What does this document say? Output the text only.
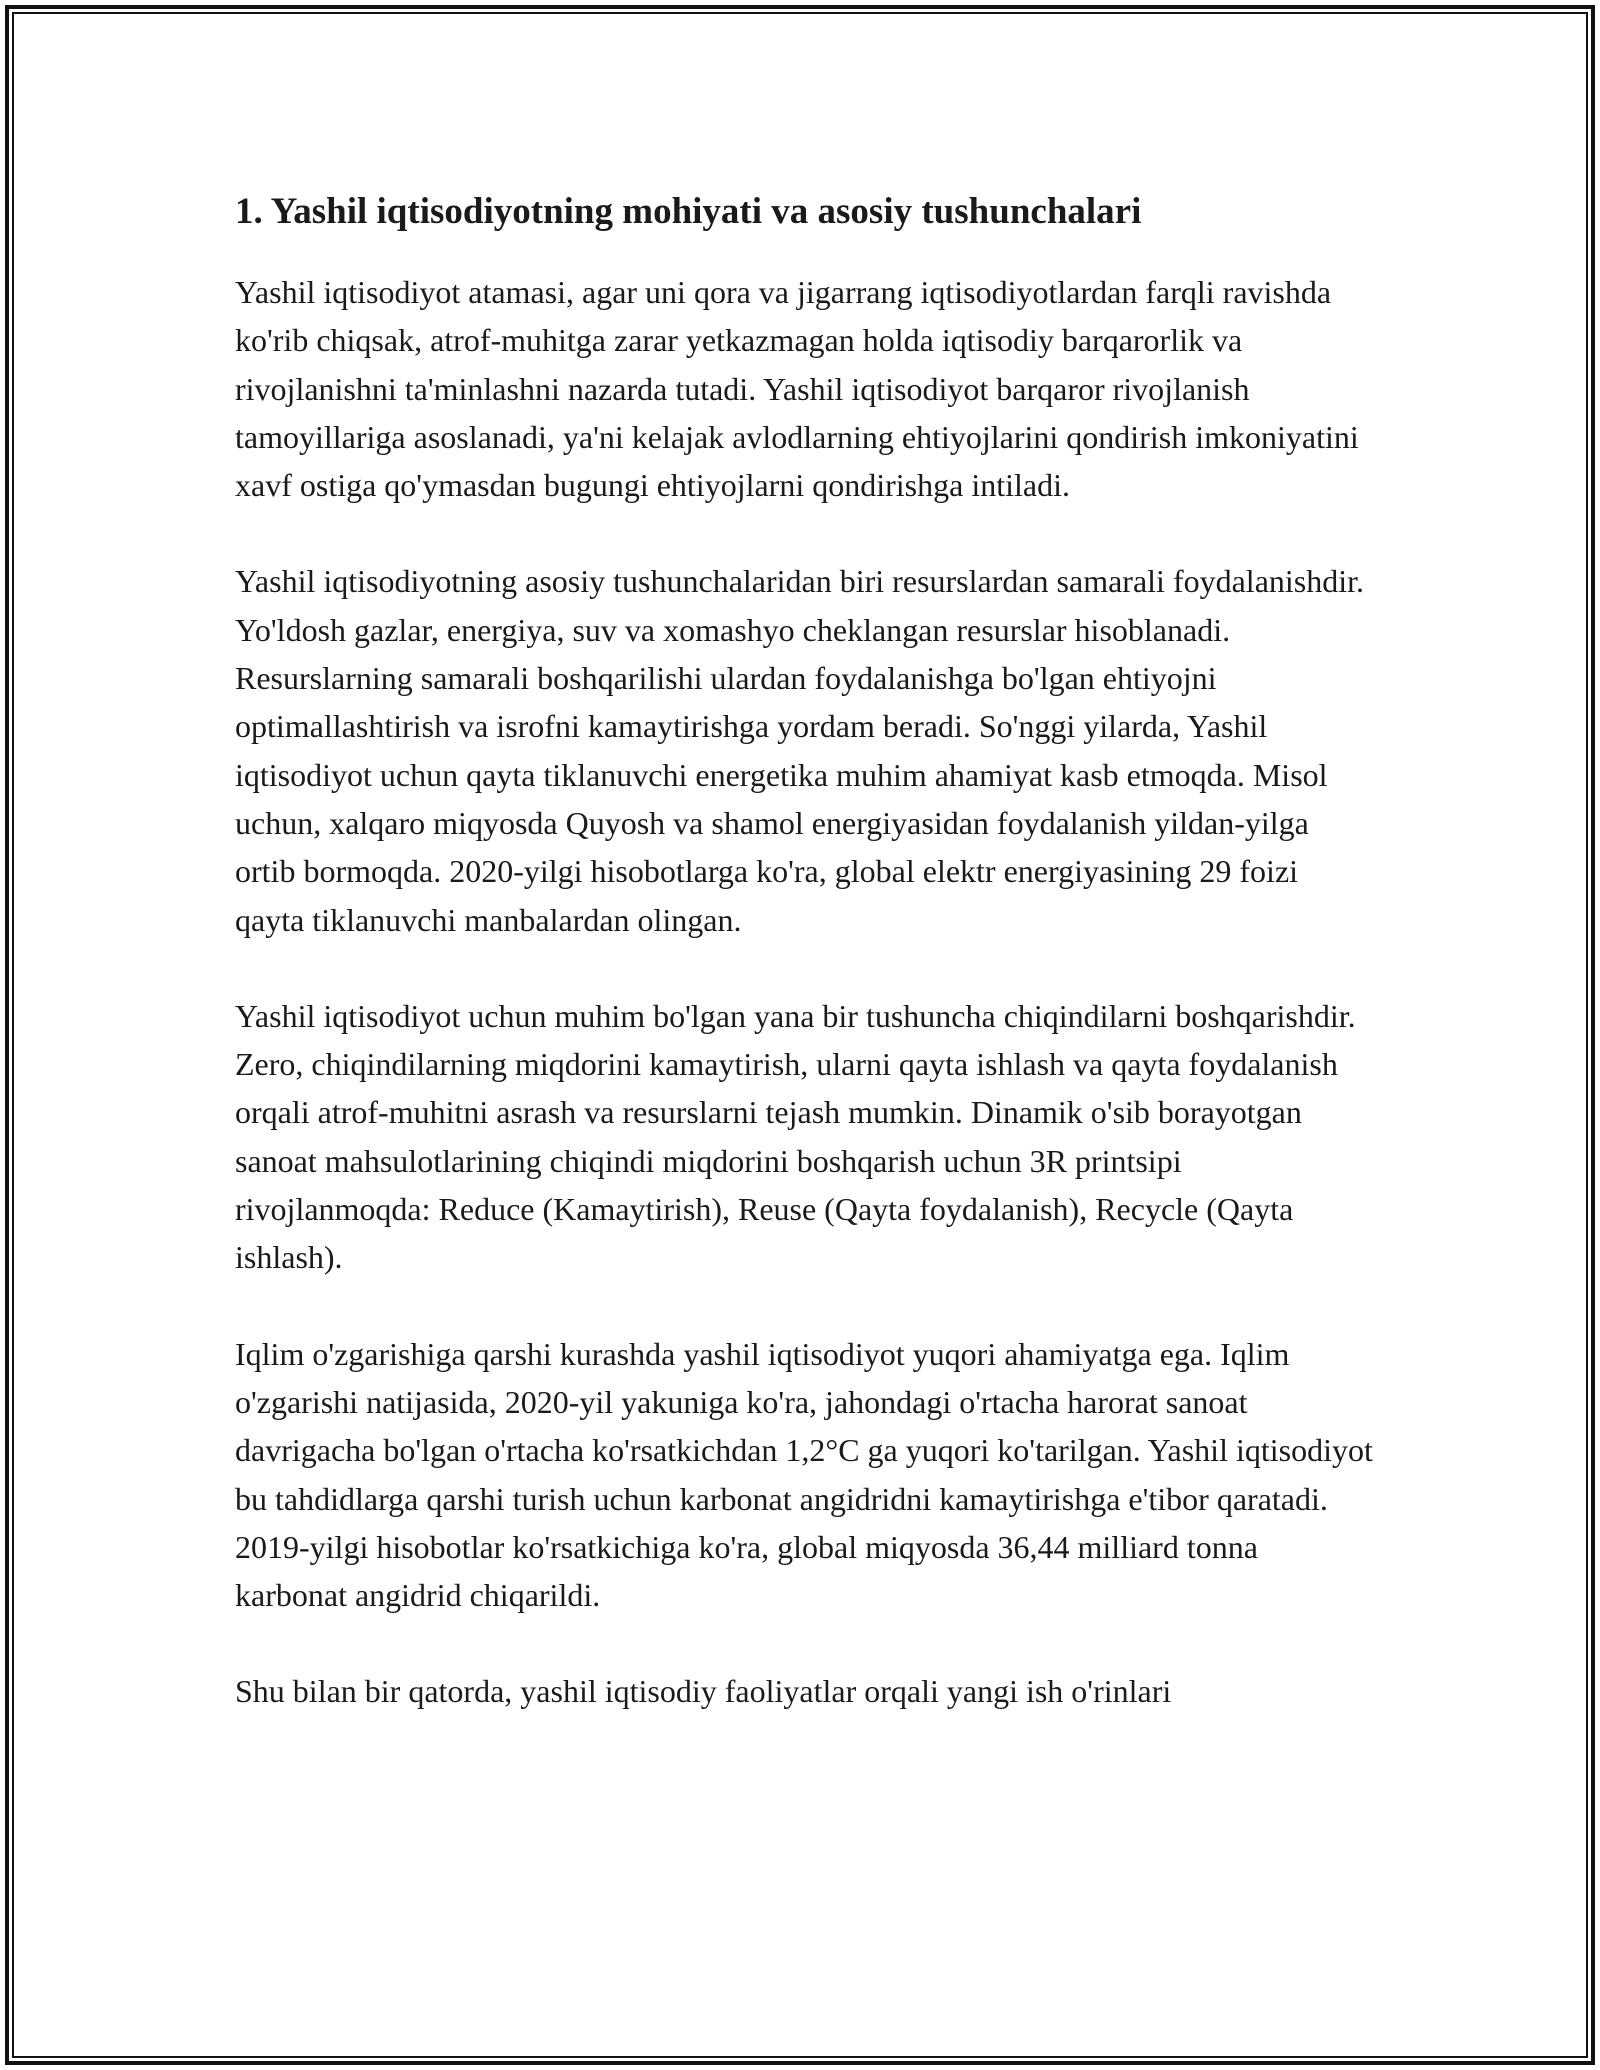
1. Yashil iqtisodiyotning mohiyati va asosiy tushunchalari

Yashil iqtisodiyot atamasi, agar uni qora va jigarrang iqtisodiyotlardan farqli ravishda ko'rib chiqsak, atrof-muhitga zarar yetkazmagan holda iqtisodiy barqarorlik va rivojlanishni ta'minlashni nazarda tutadi. Yashil iqtisodiyot barqaror rivojlanish tamoyillariga asoslanadi, ya'ni kelajak avlodlarning ehtiyojlarini qondirish imkoniyatini xavf ostiga qo'ymasdan bugungi ehtiyojlarni qondirishga intiladi.

Yashil iqtisodiyotning asosiy tushunchalaridan biri resurslardan samarali foydalanishdir. Yo'ldosh gazlar, energiya, suv va xomashyo cheklangan resurslar hisoblanadi. Resurslarning samarali boshqarilishi ulardan foydalanishga bo'lgan ehtiyojni optimallashtirish va isrofni kamaytirishga yordam beradi. So'nggi yilarda, Yashil iqtisodiyot uchun qayta tiklanuvchi energetika muhim ahamiyat kasb etmoqda. Misol uchun, xalqaro miqyosda Quyosh va shamol energiyasidan foydalanish yildan-yilga ortib bormoqda. 2020-yilgi hisobotlarga ko'ra, global elektr energiyasining 29 foizi qayta tiklanuvchi manbalardan olingan.

Yashil iqtisodiyot uchun muhim bo'lgan yana bir tushuncha chiqindilarni boshqarishdir. Zero, chiqindilarning miqdorini kamaytirish, ularni qayta ishlash va qayta foydalanish orqali atrof-muhitni asrash va resurslarni tejash mumkin. Dinamik o'sib borayotgan sanoat mahsulotlarining chiqindi miqdorini boshqarish uchun 3R printsipi rivojlanmoqda: Reduce (Kamaytirish), Reuse (Qayta foydalanish), Recycle (Qayta ishlash).

Iqlim o'zgarishiga qarshi kurashda yashil iqtisodiyot yuqori ahamiyatga ega. Iqlim o'zgarishi natijasida, 2020-yil yakuniga ko'ra, jahondagi o'rtacha harorat sanoat davrigacha bo'lgan o'rtacha ko'rsatkichdan 1,2°C ga yuqori ko'tarilgan. Yashil iqtisodiyot bu tahdidlarga qarshi turish uchun karbonat angidridni kamaytirishga e'tibor qaratadi. 2019-yilgi hisobotlar ko'rsatkichiga ko'ra, global miqyosda 36,44 milliard tonna karbonat angidrid chiqarildi.

Shu bilan bir qatorda, yashil iqtisodiy faoliyatlar orqali yangi ish o'rinlari
